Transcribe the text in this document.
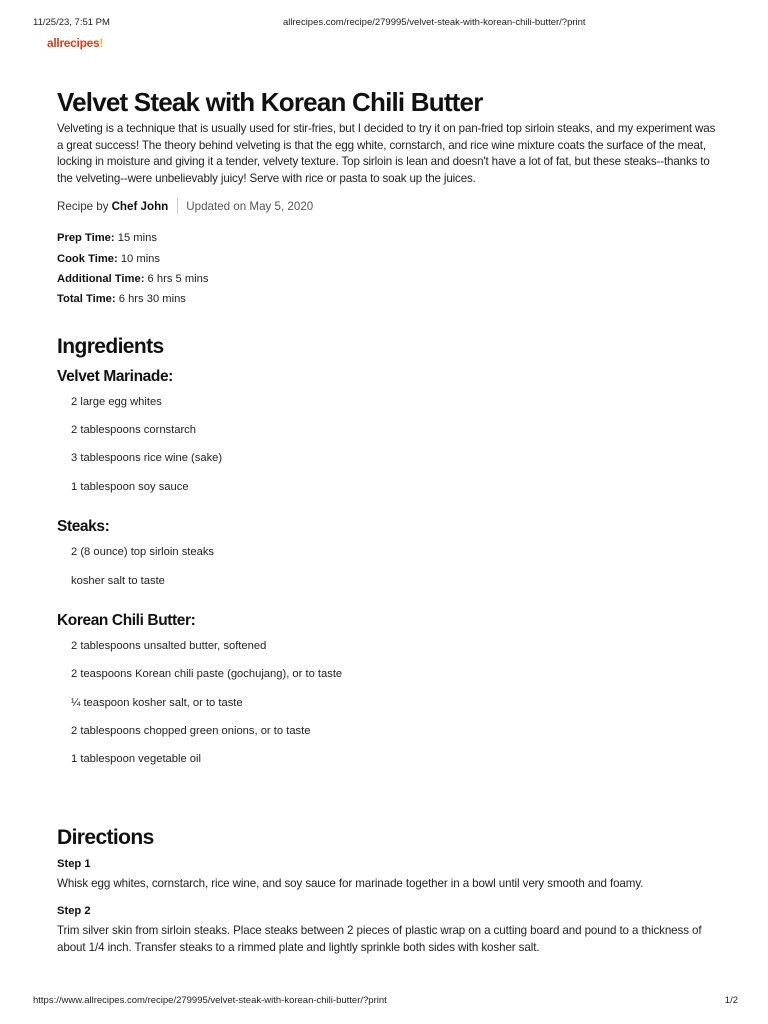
11/25/23, 7:51 PM	allrecipes.com/recipe/279995/velvet-steak-with-korean-chili-butter/?print
allrecipes!
Velvet Steak with Korean Chili Butter

Velveting is a technique that is usually used for stir-fries, but I decided to try it on pan-fried top sirloin steaks, and my experiment was a great success! The theory behind velveting is that the egg white, cornstarch, and rice wine mixture coats the surface of the meat, locking in moisture and giving it a tender, velvety texture. Top sirloin is lean and doesn't have a lot of fat, but these steaks--thanks to the velveting--were unbelievably juicy! Serve with rice or pasta to soak up the juices.

Recipe by Chef John Updated on May 5, 2020
Prep Time: 15 mins
Cook Time: 10 mins
Additional Time: 6 hrs 5 mins
Total Time: 6 hrs 30 mins
Ingredients
Velvet Marinade:
2 large egg whites
2 tablespoons cornstarch
3 tablespoons rice wine (sake)
1 tablespoon soy sauce
Steaks:
2 (8 ounce) top sirloin steaks
kosher salt to taste
Korean Chili Butter:
2 tablespoons unsalted butter, softened
2 teaspoons Korean chili paste (gochujang), or to taste
¼ teaspoon kosher salt, or to taste
2 tablespoons chopped green onions, or to taste
1 tablespoon vegetable oil
Directions
Step 1

Whisk egg whites, cornstarch, rice wine, and soy sauce for marinade together in a bowl until very smooth and foamy.

Step 2

Trim silver skin from sirloin steaks. Place steaks between 2 pieces of plastic wrap on a cutting board and pound to a thickness of about 1/4 inch. Transfer steaks to a rimmed plate and lightly sprinkle both sides with kosher salt.

https://www.allrecipes.com/recipe/279995/velvet-steak-with-korean-chili-butter/?print	1/2
